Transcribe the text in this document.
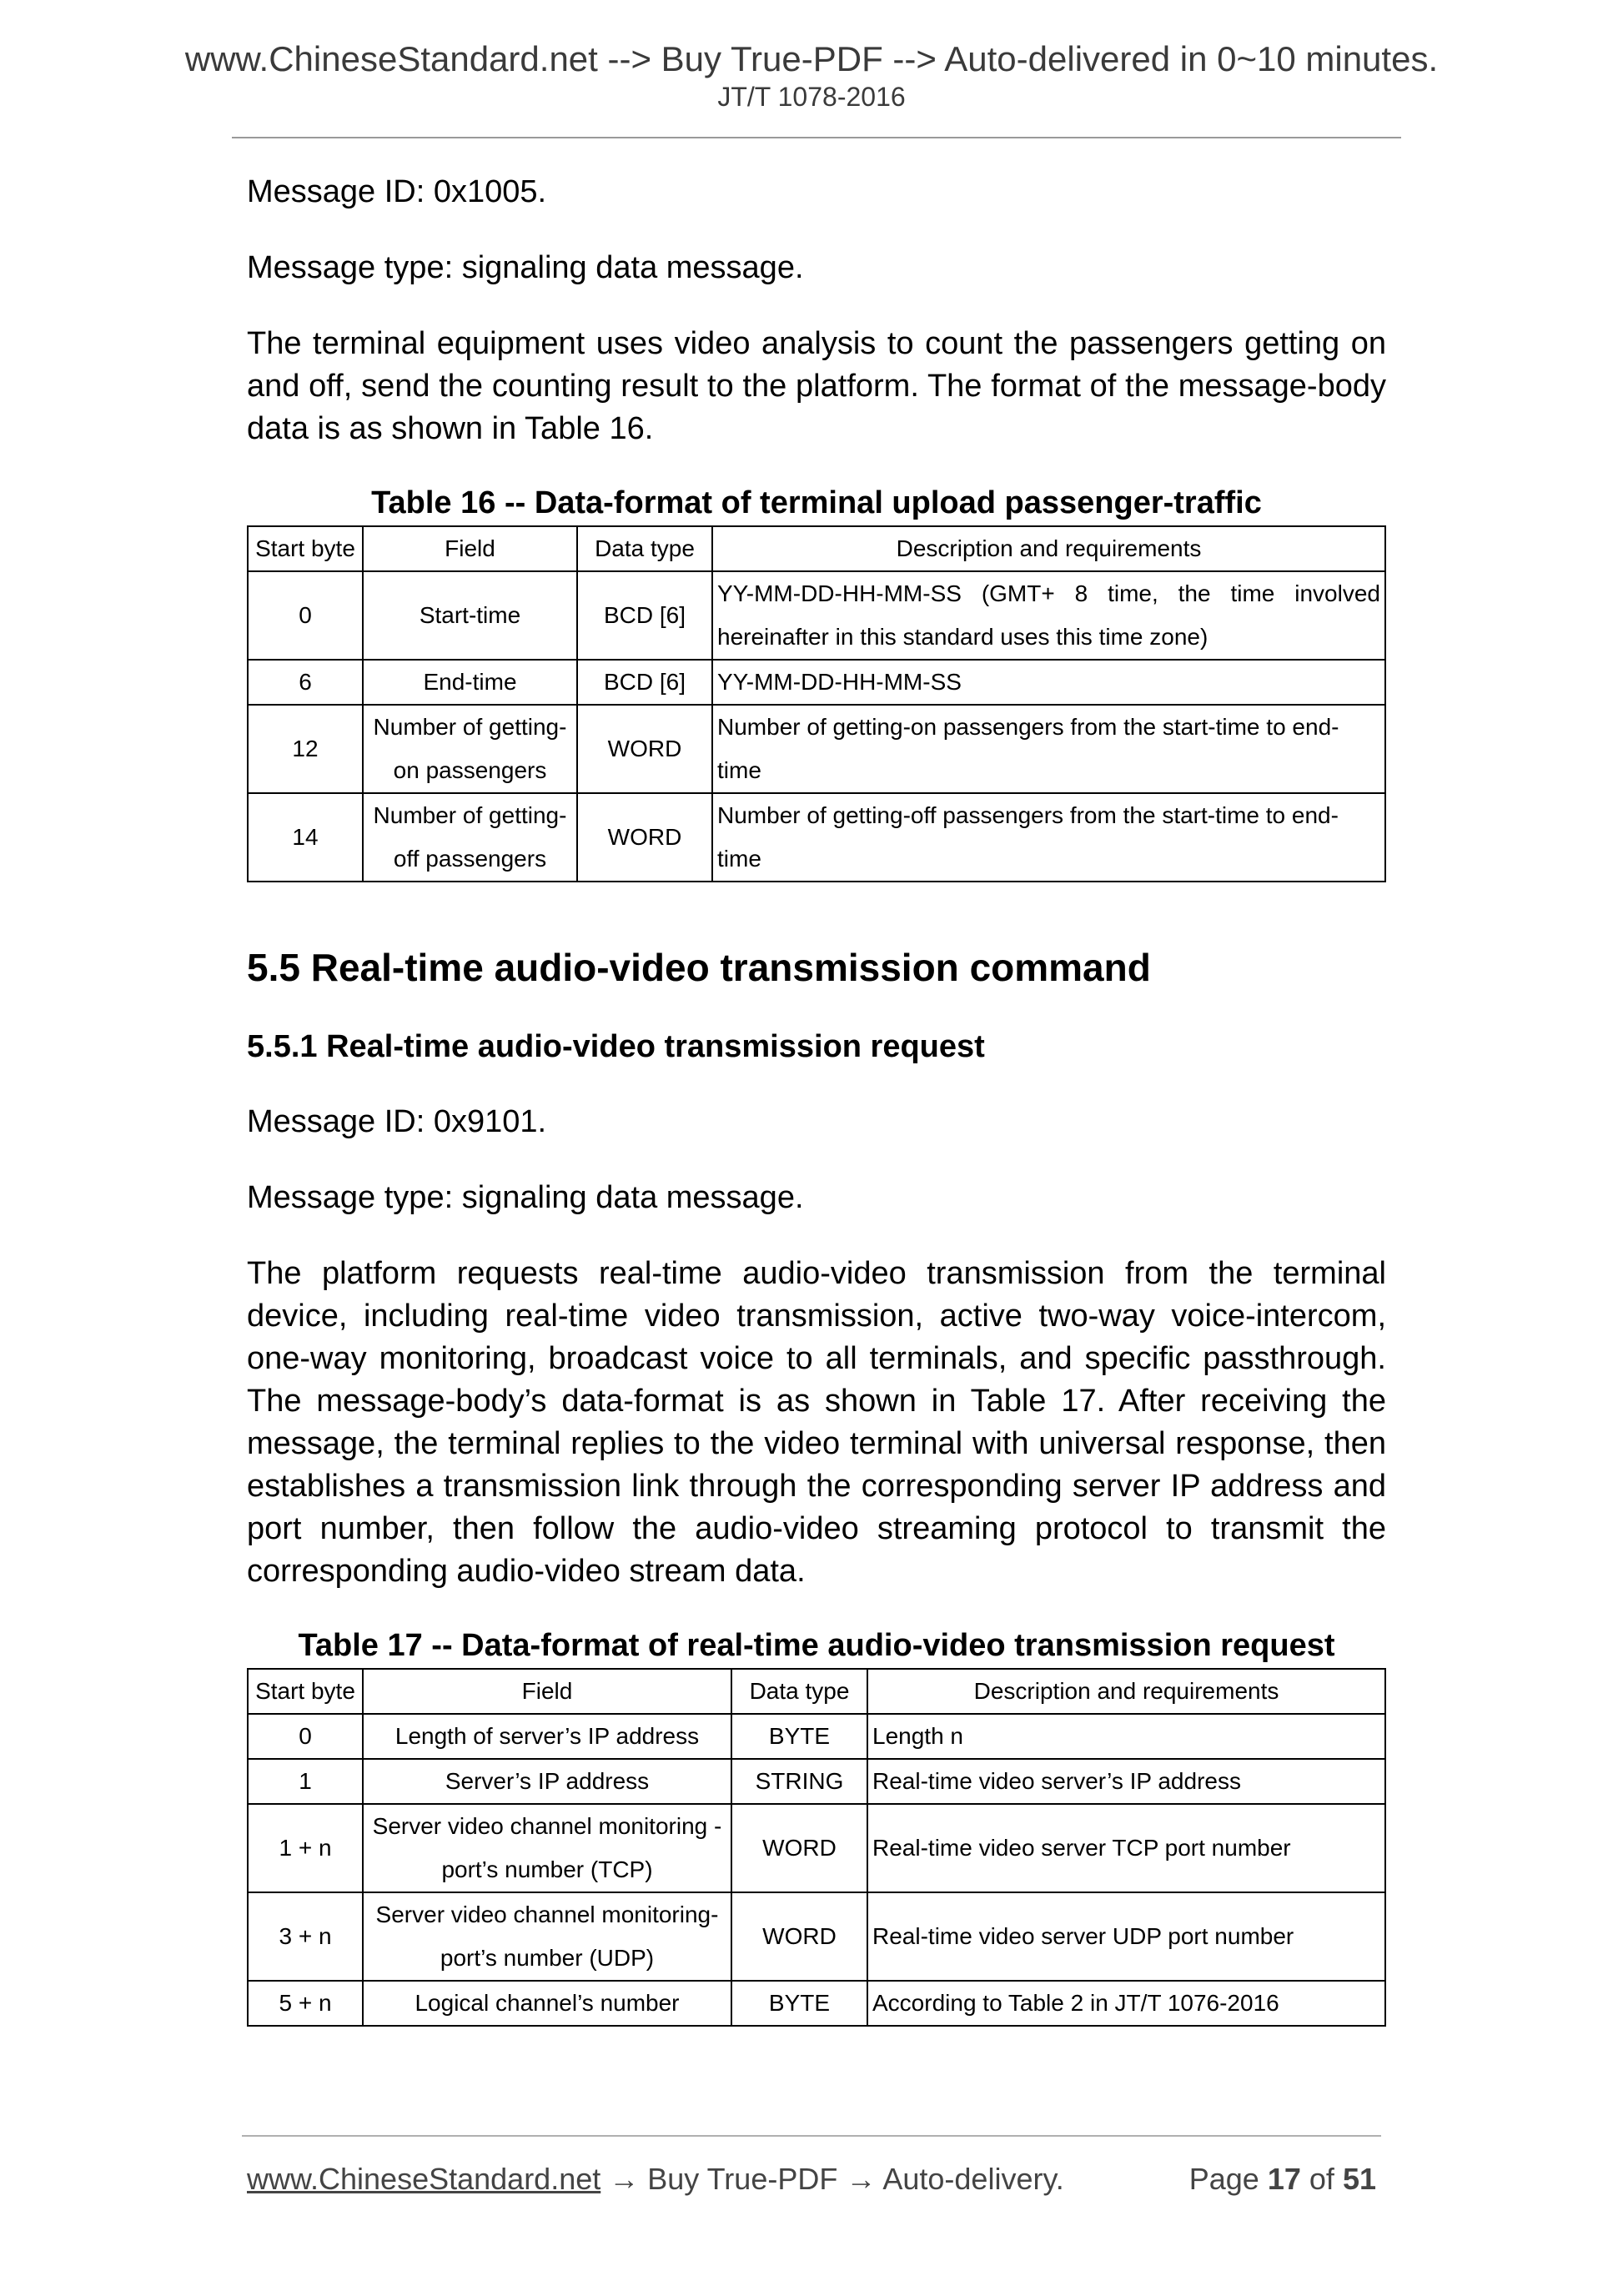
www.ChineseStandard.net --> Buy True-PDF --> Auto-delivered in 0~10 minutes.
JT/T 1078-2016

Message ID: 0x1005.

Message type: signaling data message.

The terminal equipment uses video analysis to count the passengers getting on and off, send the counting result to the platform. The format of the message-body data is as shown in Table 16.

Table 16 -- Data-format of terminal upload passenger-traffic
Start byte	Field	Data type	Description and requirements
0	Start-time	BCD [6]	YY-MM-DD-HH-MM-SS (GMT+ 8 time, the time involved hereinafter in this standard uses this time zone)
6	End-time	BCD [6]	YY-MM-DD-HH-MM-SS
12	Number of getting-on passengers	WORD	Number of getting-on passengers from the start-time to end-time
14	Number of getting-off passengers	WORD	Number of getting-off passengers from the start-time to end-time
5.5 Real-time audio-video transmission command
5.5.1 Real-time audio-video transmission request

Message ID: 0x9101.

Message type: signaling data message.

The platform requests real-time audio-video transmission from the terminal device, including real-time video transmission, active two-way voice-intercom, one-way monitoring, broadcast voice to all terminals, and specific passthrough. The message-body’s data-format is as shown in Table 17. After receiving the message, the terminal replies to the video terminal with universal response, then establishes a transmission link through the corresponding server IP address and port number, then follow the audio-video streaming protocol to transmit the corresponding audio-video stream data.

Table 17 -- Data-format of real-time audio-video transmission request
Start byte	Field	Data type	Description and requirements
0	Length of server’s IP address	BYTE	Length n
1	Server’s IP address	STRING	Real-time video server’s IP address
1 + n	Server video channel monitoring -port’s number (TCP)	WORD	Real-time video server TCP port number
3 + n	Server video channel monitoring-port’s number (UDP)	WORD	Real-time video server UDP port number
5 + n	Logical channel’s number	BYTE	According to Table 2 in JT/T 1076-2016
www.ChineseStandard.net → Buy True-PDF → Auto-delivery.	Page 17 of 51
